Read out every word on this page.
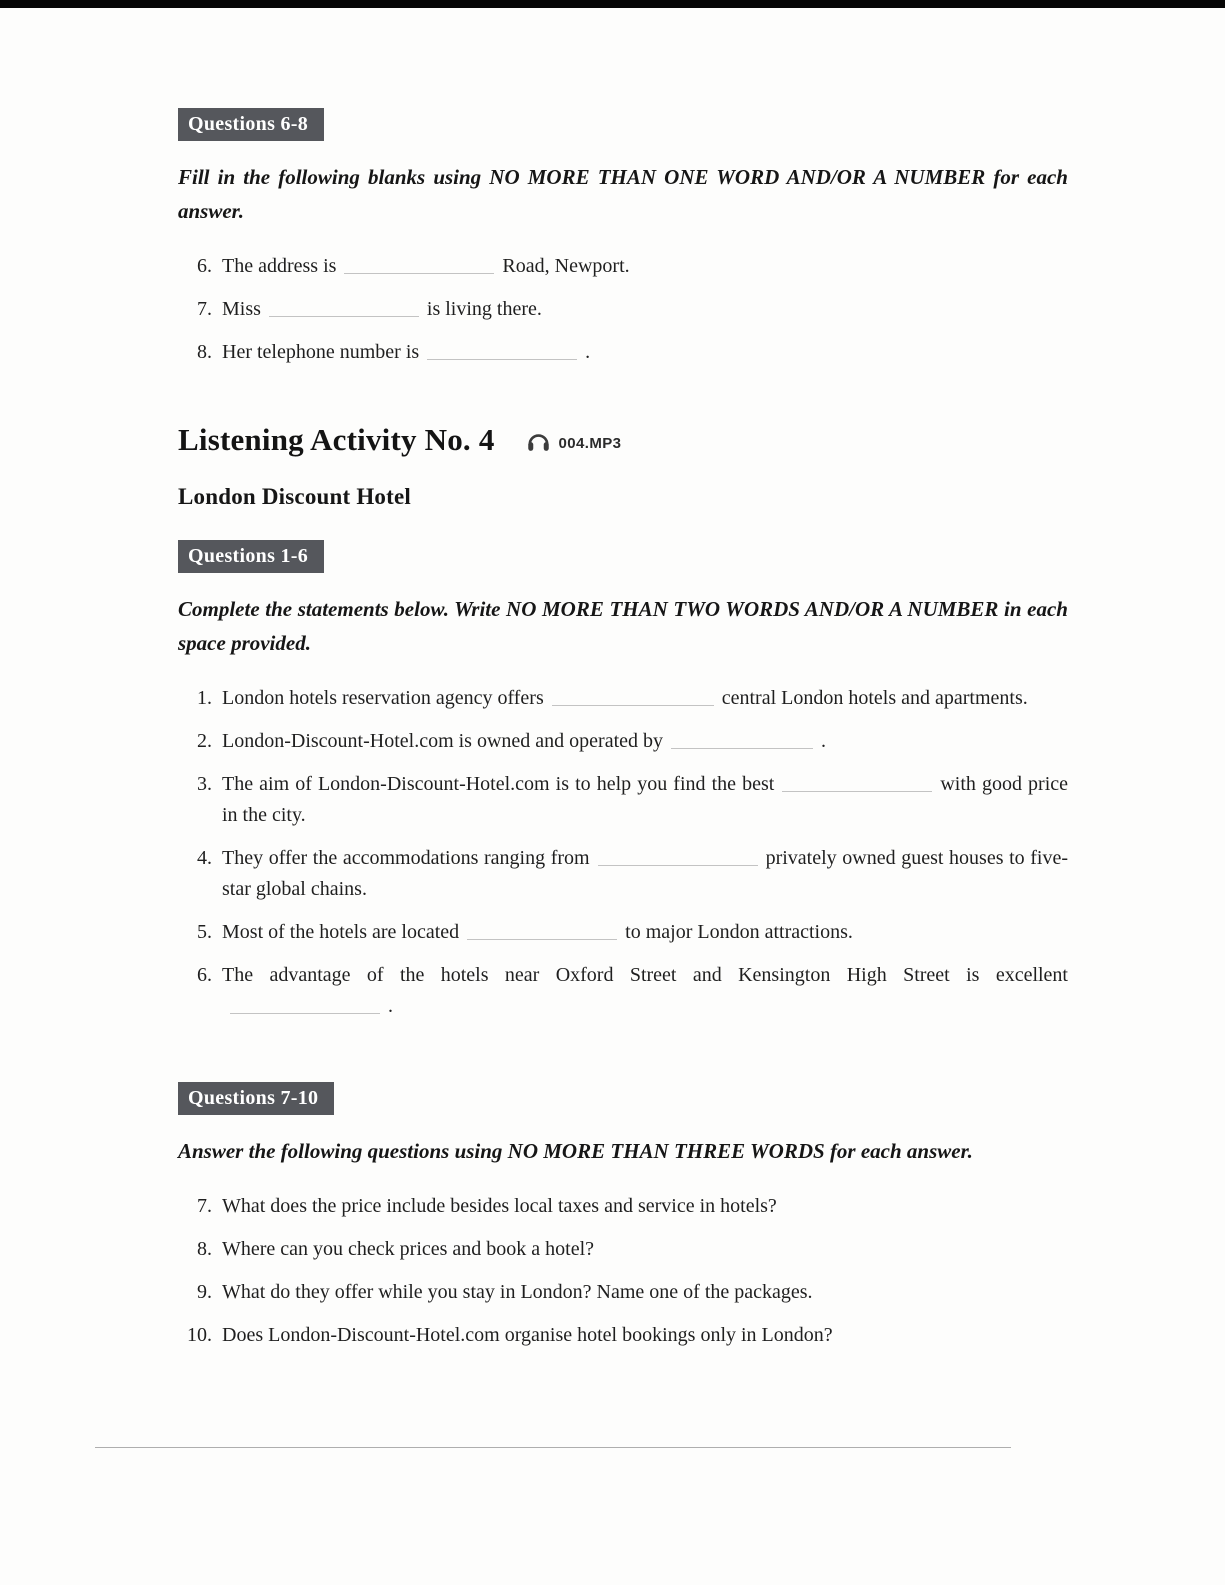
Questions 6-8

Fill in the following blanks using NO MORE THAN ONE WORD AND/OR A NUMBER for each answer.

6. The address is	Road, Newport.
7. Miss	is living there.
8. Her telephone number is	.
Listening Activity No. 4	004.MP3
London Discount Hotel
Questions 1-6

Complete the statements below. Write NO MORE THAN TWO WORDS AND/OR A NUMBER in each space provided.

1. London hotels reservation agency offers	central London hotels and apartments.
2. London-Discount-Hotel.com is owned and operated by	.
3. The aim of London-Discount-Hotel.com is to help you find the best	with good price in the city.
4. They offer the accommodations ranging from	privately owned guest houses to five-star global chains.
5. Most of the hotels are located	to major London attractions.
6. The advantage of the hotels near Oxford Street and Kensington High Street is excellent.
Questions 7-10

Answer the following questions using NO MORE THAN THREE WORDS for each answer.

7. What does the price include besides local taxes and service in hotels?
8. Where can you check prices and book a hotel?
9. What do they offer while you stay in London? Name one of the packages.
10. Does London-Discount-Hotel.com organise hotel bookings only in London?
